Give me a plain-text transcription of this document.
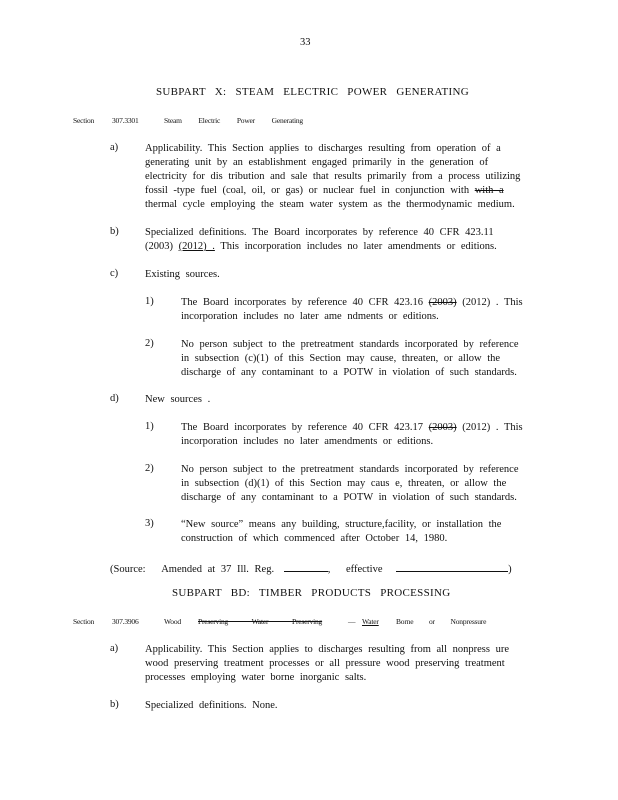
33
SUBPART X: STEAM ELECTRIC POWER GENERATING
Section 307.3301	Steam Electric Power Generating
a)	Applicability. This Section applies to discharges resulting from operation of a
generating unit by an establishment engaged primarily in the generation of
electricity for dis tribution and sale that results primarily from a process utilizing
fossil -type fuel (coal, oil, or gas) or nuclear fuel in conjunction with with a
thermal cycle employing the steam water system as the thermodynamic medium.
b)	Specialized definitions. The Board incorporates by reference 40 CFR 423.11
(2003) (2012) . This incorporation includes no later amendments or editions.
c)	Existing sources.
1)	The Board incorporates by reference 40 CFR 423.16 (2003) (2012) . This
incorporation includes no later ame ndments or editions.
2)	No person subject to the pretreatment standards incorporated by reference
in subsection (c)(1) of this Section may cause, threaten, or allow the
discharge of any contaminant to a POTW in violation of such standards.
d)	New sources .
1)	The Board incorporates by reference 40 CFR 423.17 (2003) (2012) . This
incorporation includes no later amendments or editions.
2)	No person subject to the pretreatment standards incorporated by reference
in subsection (d)(1) of this Section may caus e, threaten, or allow the
discharge of any contaminant to a POTW in violation of such standards.
3)	“New source” means any building, structure,facility, or installation the
construction of which commenced after October 14, 1980.
(Source: Amended at 37 Ill. Reg.	, effective	)
SUBPART BD: TIMBER PRODUCTS PROCESSING
Section 307.3906	Wood Preserving Water Preserving	— Water Borne or Nonpressure
a)	Applicability. This Section applies to discharges resulting from all nonpress ure
wood preserving treatment processes or all pressure wood preserving treatment
processes employing water borne inorganic salts.
b)	Specialized definitions. None.
